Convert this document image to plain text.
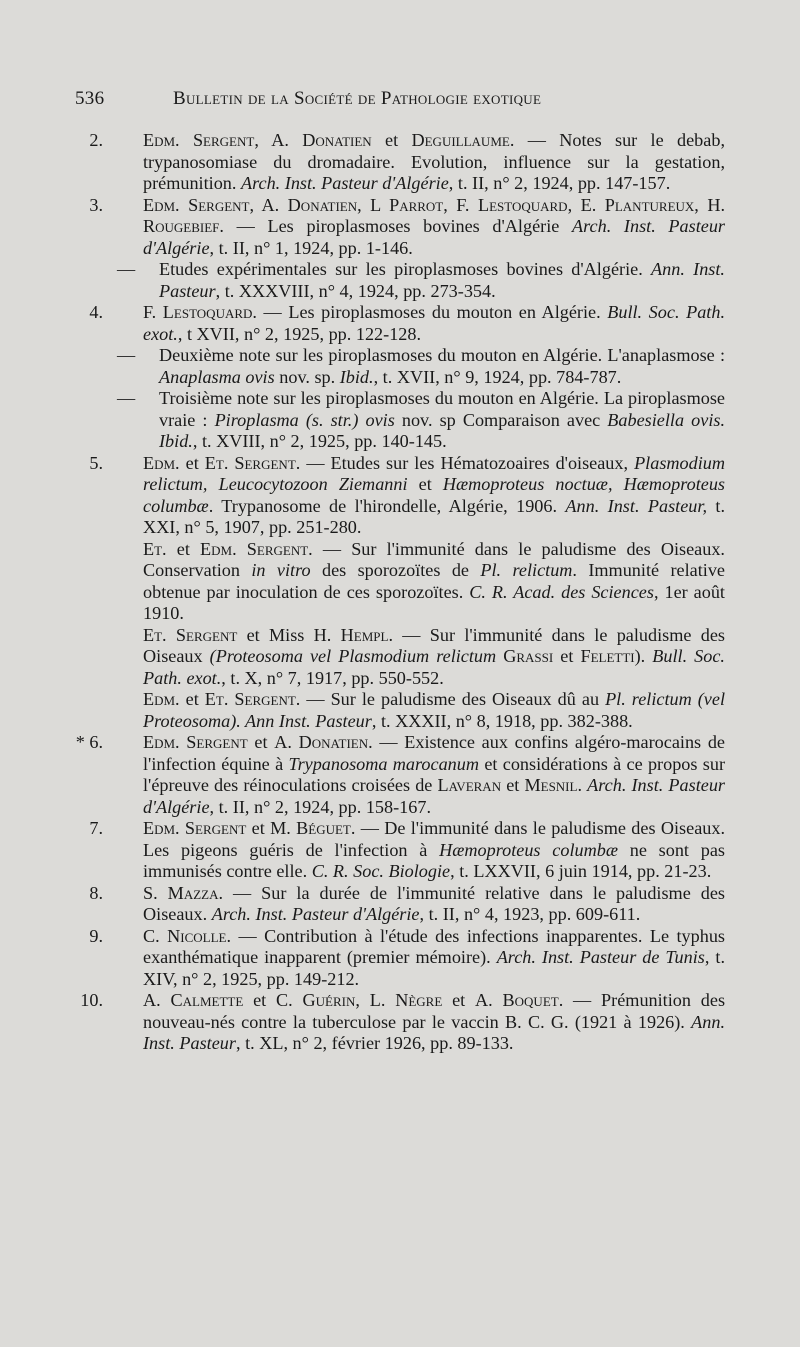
536	Bulletin de la Société de Pathologie exotique
2. Edm. Sergent, A. Donatien et Deguillaume. — Notes sur le debab, trypanosomiase du dromadaire. Evolution, influence sur la gestation, prémunition. Arch. Inst. Pasteur d'Algérie, t. II, n° 2, 1924, pp. 147-157.
3. Edm. Sergent, A. Donatien, L Parrot, F. Lestoquard, E. Plantureux, H. Rougebief. — Les piroplasmoses bovines d'Algérie Arch. Inst. Pasteur d'Algérie, t. II, n° 1, 1924, pp. 1-146.
— Etudes expérimentales sur les piroplasmoses bovines d'Algérie. Ann. Inst. Pasteur, t. XXXVIII, n° 4, 1924, pp. 273-354.
4. F. Lestoquard. — Les piroplasmoses du mouton en Algérie. Bull. Soc. Path. exot., t XVII, n° 2, 1925, pp. 122-128.
— Deuxième note sur les piroplasmoses du mouton en Algérie. L'anaplasmose : Anaplasma ovis nov. sp. Ibid., t. XVII, n° 9, 1924, pp. 784-787.
— Troisième note sur les piroplasmoses du mouton en Algérie. La piroplasmose vraie : Piroplasma (s. str.) ovis nov. sp Comparaison avec Babesiella ovis. Ibid., t. XVIII, n° 2, 1925, pp. 140-145.
5. Edm. et Et. Sergent. — Etudes sur les Hématozoaires d'oiseaux, Plasmodium relictum, Leucocytozoon Ziemanni et Hæmoproteus noctuæ, Hæmoproteus columbæ. Trypanosome de l'hirondelle, Algérie, 1906. Ann. Inst. Pasteur, t. XXI, n° 5, 1907, pp. 251-280.
Et. et Edm. Sergent. — Sur l'immunité dans le paludisme des Oiseaux. Conservation in vitro des sporozoïtes de Pl. relictum. Immunité relative obtenue par inoculation de ces sporozoïtes. C. R. Acad. des Sciences, 1er août 1910.
Et. Sergent et Miss H. Hempl. — Sur l'immunité dans le paludisme des Oiseaux (Proteosoma vel Plasmodium relictum Grassi et Feletti). Bull. Soc. Path. exot., t. X, n° 7, 1917, pp. 550-552.
Edm. et Et. Sergent. — Sur le paludisme des Oiseaux dû au Pl. relictum (vel Proteosoma). Ann Inst. Pasteur, t. XXXII, n° 8, 1918, pp. 382-388.
* 6. Edm. Sergent et A. Donatien. — Existence aux confins algéro-marocains de l'infection équine à Trypanosoma marocanum et considérations à ce propos sur l'épreuve des réinoculations croisées de Laveran et Mesnil. Arch. Inst. Pasteur d'Algérie, t. II, n° 2, 1924, pp. 158-167.
7. Edm. Sergent et M. Béguet. — De l'immunité dans le paludisme des Oiseaux. Les pigeons guéris de l'infection à Hæmoproteus columbæ ne sont pas immunisés contre elle. C. R. Soc. Biologie, t. LXXVII, 6 juin 1914, pp. 21-23.
8. S. Mazza. — Sur la durée de l'immunité relative dans le paludisme des Oiseaux. Arch. Inst. Pasteur d'Algérie, t. II, n° 4, 1923, pp. 609-611.
9. C. Nicolle. — Contribution à l'étude des infections inapparentes. Le typhus exanthématique inapparent (premier mémoire). Arch. Inst. Pasteur de Tunis, t. XIV, n° 2, 1925, pp. 149-212.
10. A. Calmette et C. Guérin, L. Nègre et A. Boquet. — Prémunition des nouveau-nés contre la tuberculose par le vaccin B. C. G. (1921 à 1926). Ann. Inst. Pasteur, t. XL, n° 2, février 1926, pp. 89-133.
